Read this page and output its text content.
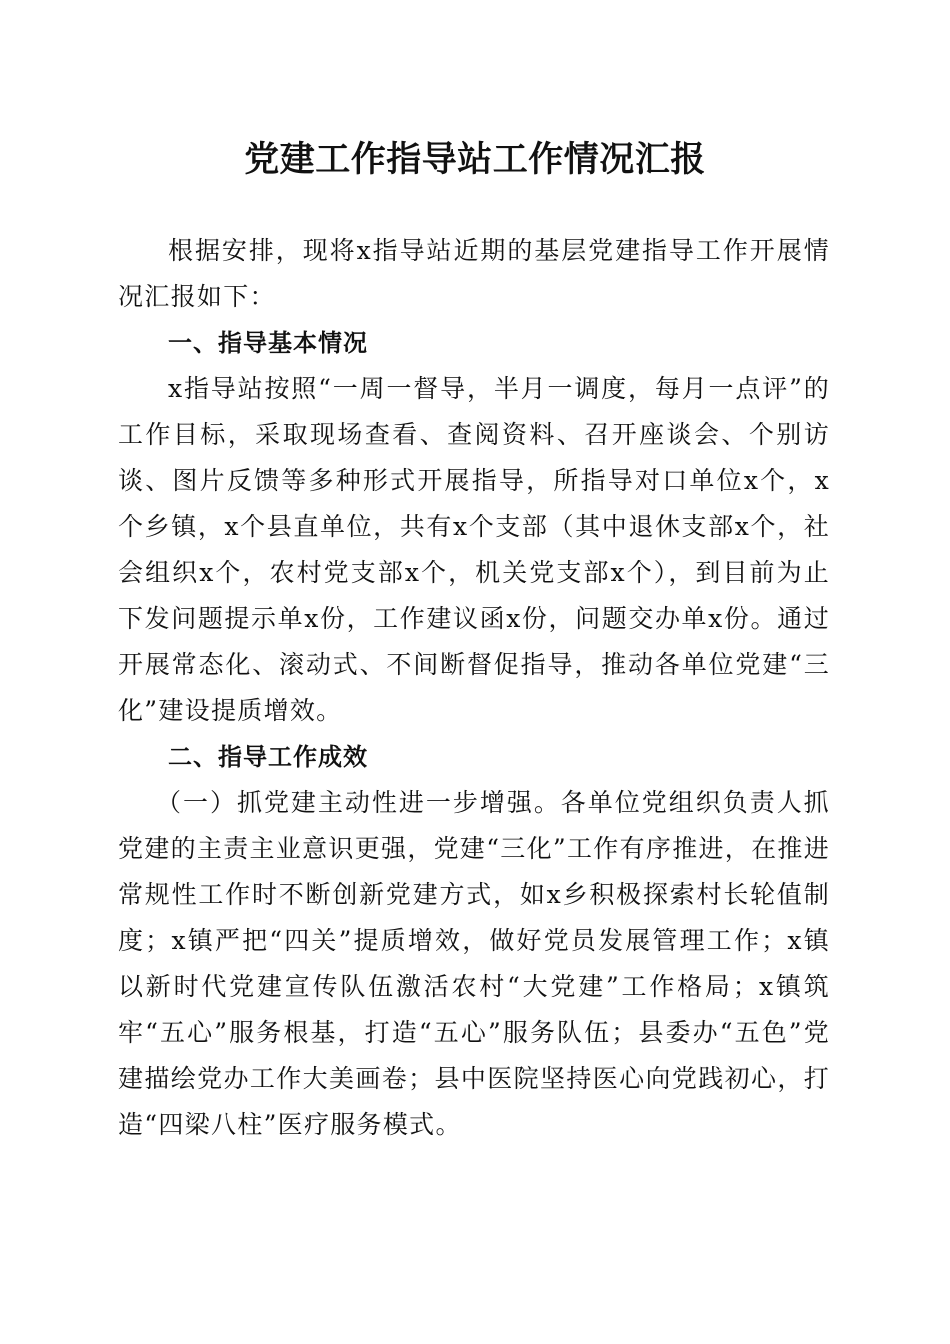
党建工作指导站工作情况汇报

根据安排，现将x指导站近期的基层党建指导工作开展情况汇报如下：

一、指导基本情况

x指导站按照“一周一督导，半月一调度，每月一点评”的工作目标，采取现场查看、查阅资料、召开座谈会、个别访谈、图片反馈等多种形式开展指导，所指导对口单位x个，x个乡镇，x个县直单位，共有x个支部（其中退休支部x个，社会组织x个，农村党支部x个，机关党支部x个），到目前为止下发问题提示单x份，工作建议函x份，问题交办单x份。通过开展常态化、滚动式、不间断督促指导，推动各单位党建“三化”建设提质增效。

二、指导工作成效

（一）抓党建主动性进一步增强。各单位党组织负责人抓党建的主责主业意识更强，党建“三化”工作有序推进，在推进常规性工作时不断创新党建方式，如x乡积极探索村长轮值制度；x镇严把“四关”提质增效，做好党员发展管理工作；x镇以新时代党建宣传队伍激活农村“大党建”工作格局；x镇筑牢“五心”服务根基，打造“五心”服务队伍；县委办“五色”党建描绘党办工作大美画卷；县中医院坚持医心向党践初心，打造“四梁八柱”医疗服务模式。
